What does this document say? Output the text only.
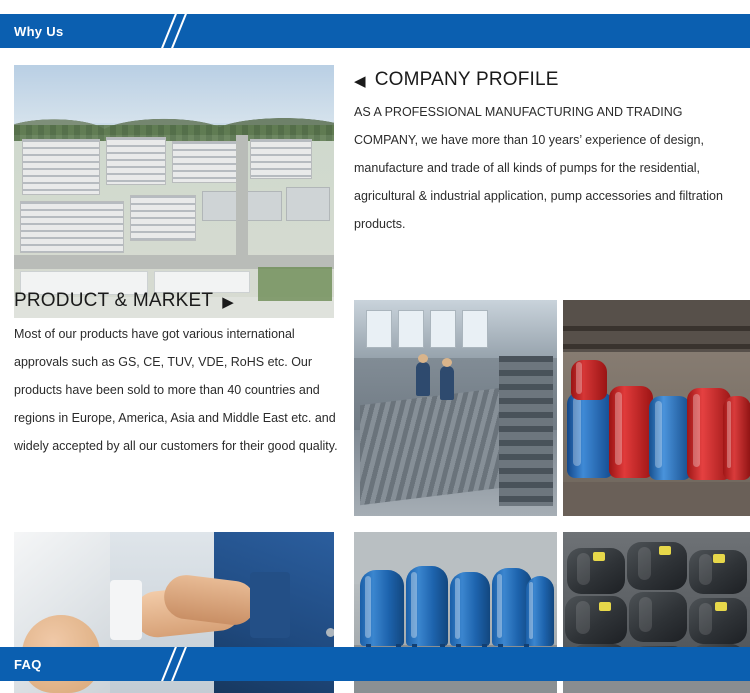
Why Us
◀ COMPANY PROFILE
AS A PROFESSIONAL MANUFACTURING AND TRADING COMPANY, we have more than 10 years’ experience of design, manufacture and trade of all kinds of pumps for the residential, agricultural & industrial application, pump accessories and filtration products.
PRODUCT & MARKET ▶
Most of our products have got various international approvals such as GS, CE, TUV, VDE, RoHS etc. Our products have been sold to more than 40 countries and regions in Europe, America, Asia and Middle East etc. and widely accepted by all our customers for their good quality.
FAQ
